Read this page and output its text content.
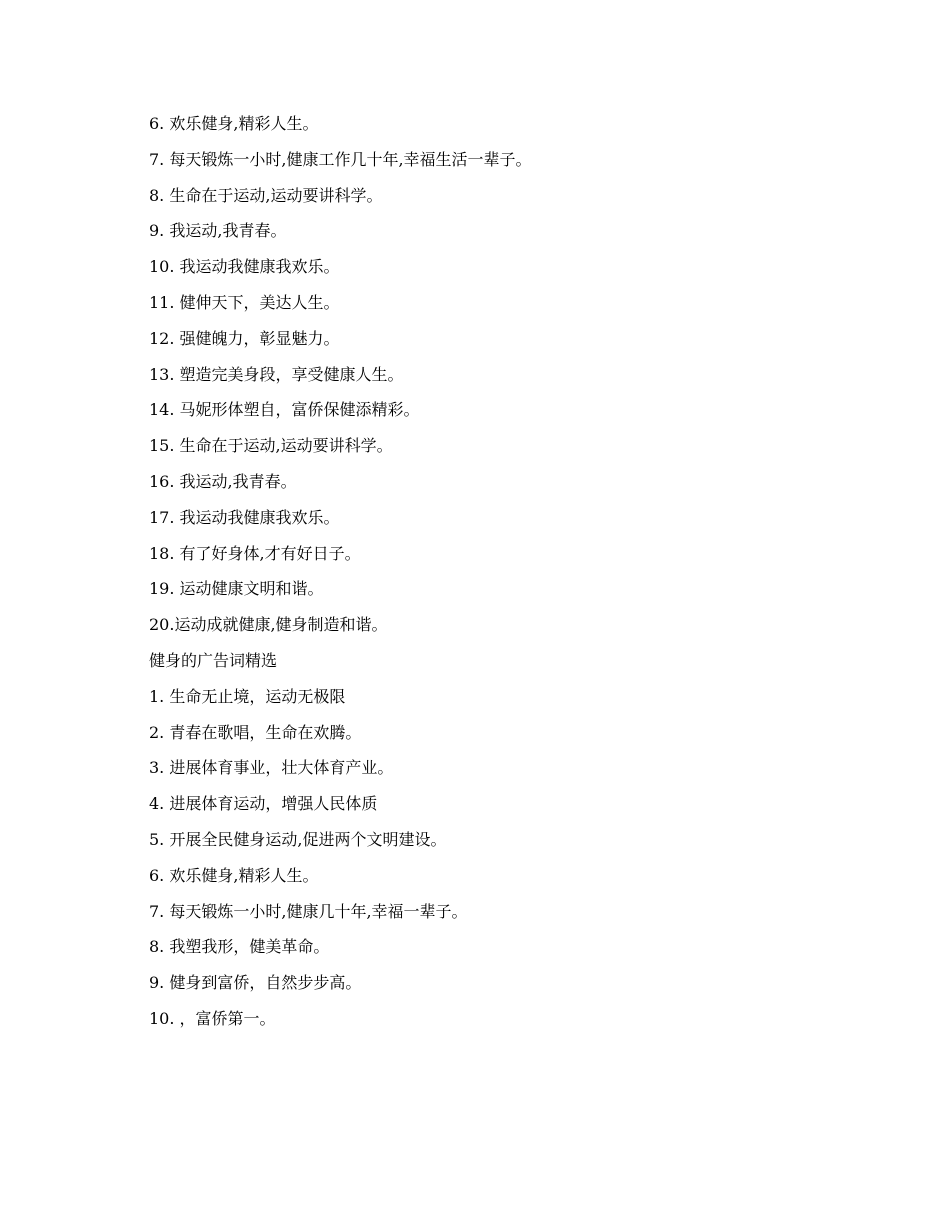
6. 欢乐健身,精彩人生。
7. 每天锻炼一小时,健康工作几十年,幸福生活一辈子。
8. 生命在于运动,运动要讲科学。
9. 我运动,我青春。
10. 我运动我健康我欢乐。
11. 健伸天下，美达人生。
12. 强健魄力，彰显魅力。
13. 塑造完美身段，享受健康人生。
14. 马妮形体塑自，富侨保健添精彩。
15. 生命在于运动,运动要讲科学。
16. 我运动,我青春。
17. 我运动我健康我欢乐。
18. 有了好身体,才有好日子。
19. 运动健康文明和谐。
20.运动成就健康,健身制造和谐。
健身的广告词精选
1. 生命无止境，运动无极限
2. 青春在歌唱，生命在欢腾。
3. 进展体育事业，壮大体育产业。
4. 进展体育运动，增强人民体质
5. 开展全民健身运动,促进两个文明建设。
6. 欢乐健身,精彩人生。
7. 每天锻炼一小时,健康几十年,幸福一辈子。
8. 我塑我形，健美革命。
9. 健身到富侨，自然步步高。
10. ，富侨第一。
